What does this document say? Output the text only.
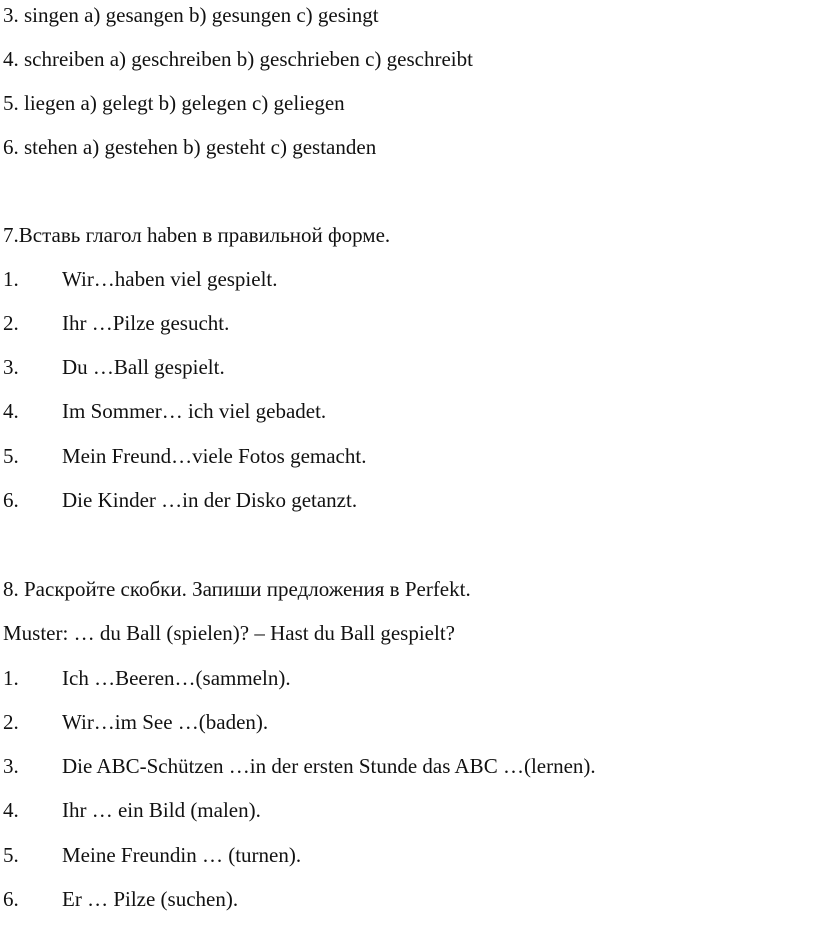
3. singen a) gesangen b) gesungen c) gesingt
4. schreiben a) geschreiben b) geschrieben c) geschreibt
5. liegen a) gelegt b) gelegen c) geliegen
6. stehen a) gestehen b) gesteht c) gestanden
7.Вставь глагол haben в правильной форме.
1. Wir…haben viel gespielt.
2. Ihr …Pilze gesucht.
3. Du …Ball gespielt.
4. Im Sommer… ich viel gebadet.
5. Mein Freund…viele Fotos gemacht.
6. Die Kinder …in der Disko getanzt.
8. Раскройте скобки. Запиши предложения в Perfekt.
Muster: … du Ball (spielen)? – Hast du Ball gespielt?
1. Ich …Beeren…(sammeln).
2. Wir…im See …(baden).
3. Die ABC-Schützen …in der ersten Stunde das ABC …(lernen).
4. Ihr … ein Bild (malen).
5. Meine Freundin … (turnen).
6. Er … Pilze (suchen).
